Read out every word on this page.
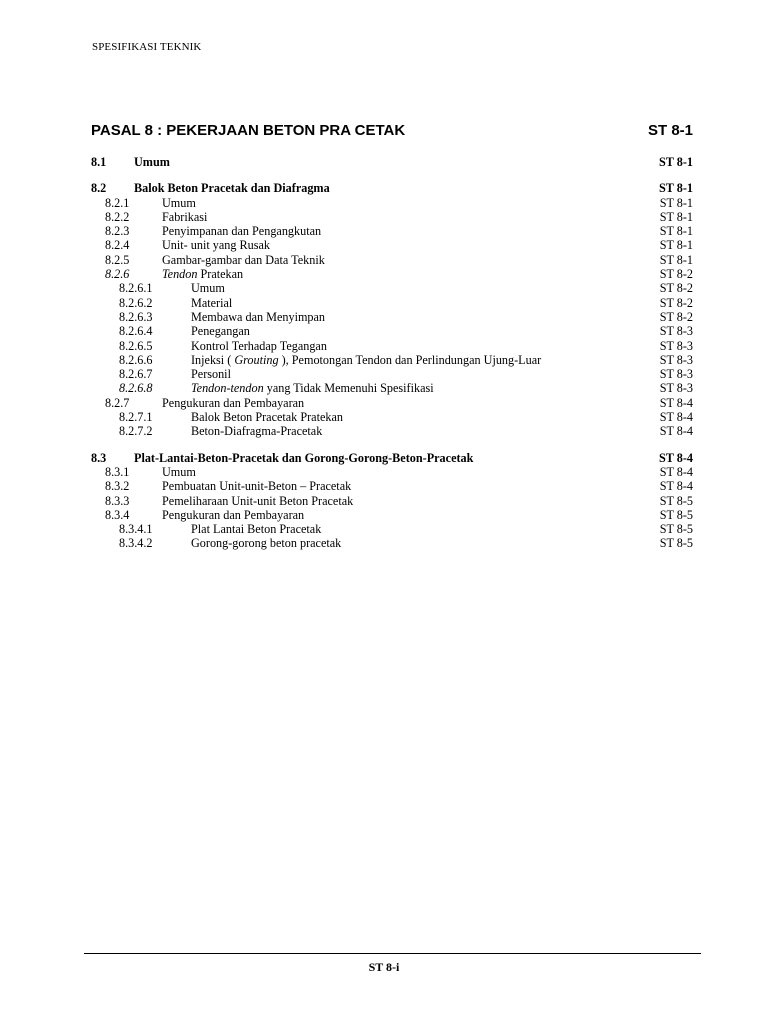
SPESIFIKASI TEKNIK
PASAL 8 : PEKERJAAN BETON PRA CETAK	ST 8-1
8.1 Umum	ST 8-1
8.2 Balok Beton Pracetak dan Diafragma	ST 8-1
8.2.1	Umum	ST 8-1
8.2.2	Fabrikasi	ST 8-1
8.2.3	Penyimpanan dan Pengangkutan	ST 8-1
8.2.4	Unit- unit yang Rusak	ST 8-1
8.2.5	Gambar-gambar dan Data Teknik	ST 8-1
8.2.6	Tendon Pratekan	ST 8-2
8.2.6.1	Umum	ST 8-2
8.2.6.2	Material	ST 8-2
8.2.6.3	Membawa dan Menyimpan	ST 8-2
8.2.6.4	Penegangan	ST 8-3
8.2.6.5	Kontrol Terhadap Tegangan	ST 8-3
8.2.6.6	Injeksi ( Grouting ), Pemotongan Tendon dan Perlindungan Ujung-Luar	ST 8-3
8.2.6.7	Personil	ST 8-3
8.2.6.8	Tendon-tendon yang Tidak Memenuhi Spesifikasi	ST 8-3
8.2.7	Pengukuran dan Pembayaran	ST 8-4
8.2.7.1	Balok Beton Pracetak Pratekan	ST 8-4
8.2.7.2	Beton-Diafragma-Pracetak	ST 8-4
8.3 Plat-Lantai-Beton-Pracetak dan Gorong-Gorong-Beton-Pracetak	ST 8-4
8.3.1	Umum	ST 8-4
8.3.2	Pembuatan Unit-unit-Beton – Pracetak	ST 8-4
8.3.3	Pemeliharaan Unit-unit Beton Pracetak	ST 8-5
8.3.4	Pengukuran dan Pembayaran	ST 8-5
8.3.4.1	Plat Lantai Beton Pracetak	ST 8-5
8.3.4.2	Gorong-gorong beton pracetak	ST 8-5
ST 8-i
